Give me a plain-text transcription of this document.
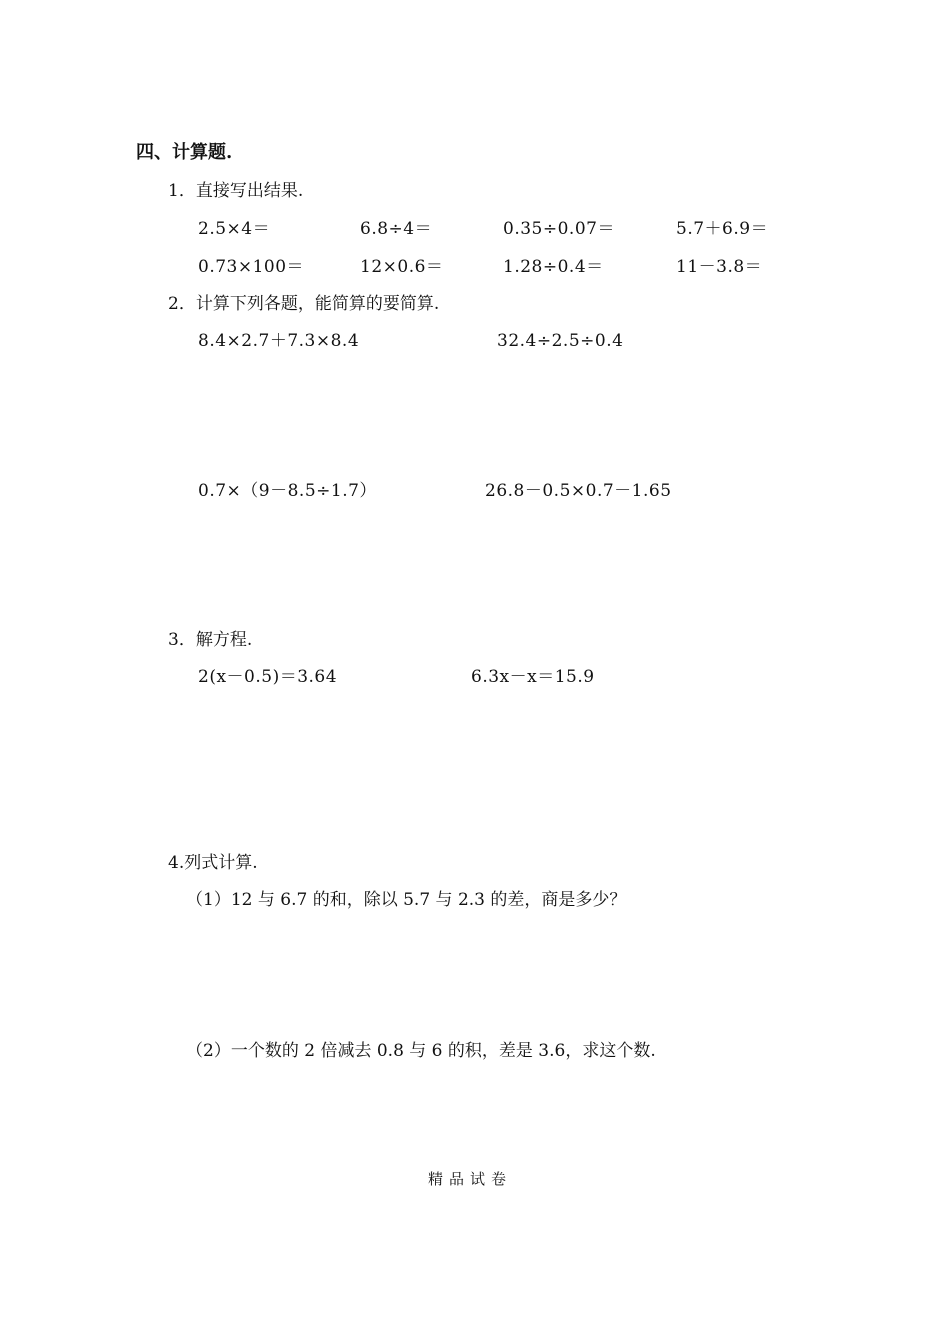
四、计算题.
1．直接写出结果.
2.5×4＝	6.8÷4＝	0.35÷0.07＝	5.7＋6.9＝
0.73×100＝	12×0.6＝	1.28÷0.4＝	11－3.8＝
2．计算下列各题，能简算的要简算.
8.4×2.7＋7.3×8.4	32.4÷2.5÷0.4
0.7×（9－8.5÷1.7）	26.8－0.5×0.7－1.65
3．解方程.
2(x－0.5)＝3.64	6.3x－x＝15.9
4.列式计算.
（1）12 与 6.7 的和，除以 5.7 与 2.3 的差，商是多少？
（2）一个数的 2 倍减去 0.8 与 6 的积，差是 3.6，求这个数.
精品试卷
